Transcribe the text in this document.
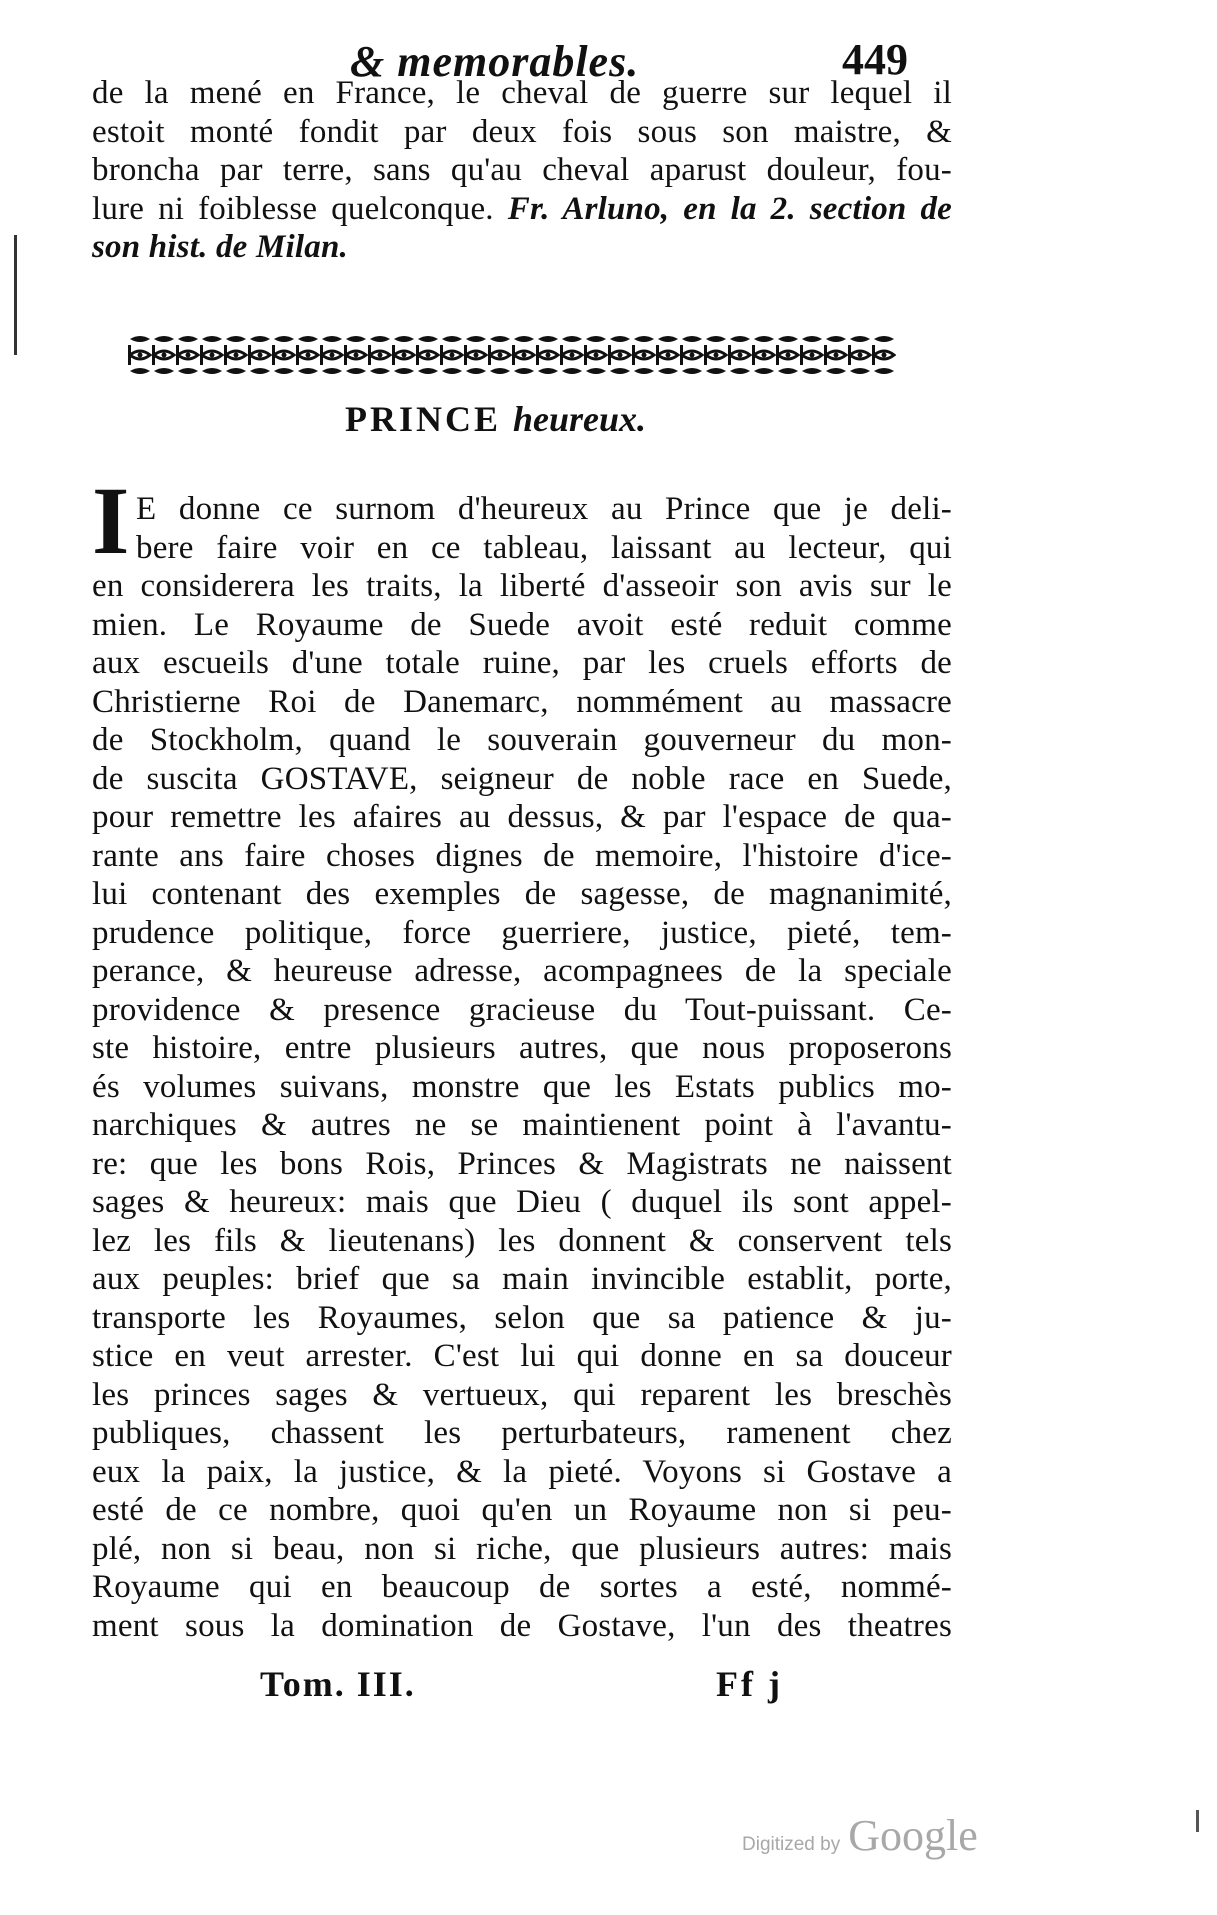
& memorables.	449
de la mené en France, le cheval de guerre sur lequel il
estoit monté fondit par deux fois sous son maistre, &
broncha par terre, sans qu'au cheval aparust douleur, fou-
lure ni foiblesse quelconque. Fr. Arluno, en la 2. section de
son hist. de Milan.
PRINCE heureux.
I E donne ce surnom d'heureux au Prince que je deli-
bere faire voir en ce tableau, laissant au lecteur, qui
en considerera les traits, la liberté d'asseoir son avis sur le
mien. Le Royaume de Suede avoit esté reduit comme
aux escueils d'une totale ruine, par les cruels efforts de
Christierne Roi de Danemarc, nommément au massacre
de Stockholm, quand le souverain gouverneur du mon-
de suscita GOSTAVE, seigneur de noble race en Suede,
pour remettre les afaires au dessus, & par l'espace de qua-
rante ans faire choses dignes de memoire, l'histoire d'ice-
lui contenant des exemples de sagesse, de magnanimité,
prudence politique, force guerriere, justice, pieté, tem-
perance, & heureuse adresse, acompagnees de la speciale
providence & presence gracieuse du Tout-puissant. Ce-
ste histoire, entre plusieurs autres, que nous proposerons
és volumes suivans, monstre que les Estats publics mo-
narchiques & autres ne se maintienent point à l'avantu-
re: que les bons Rois, Princes & Magistrats ne naissent
sages & heureux: mais que Dieu ( duquel ils sont appel-
lez les fils & lieutenans) les donnent & conservent tels
aux peuples: brief que sa main invincible establit, porte,
transporte les Royaumes, selon que sa patience & ju-
stice en veut arrester. C'est lui qui donne en sa douceur
les princes sages & vertueux, qui reparent les breschès
publiques, chassent les perturbateurs, ramenent chez
eux la paix, la justice, & la pieté. Voyons si Gostave a
esté de ce nombre, quoi qu'en un Royaume non si peu-
plé, non si beau, non si riche, que plusieurs autres: mais
Royaume qui en beaucoup de sortes a esté, nommé-
ment sous la domination de Gostave, l'un des theatres
Tom. III.	Ff j
Digitized by Google
